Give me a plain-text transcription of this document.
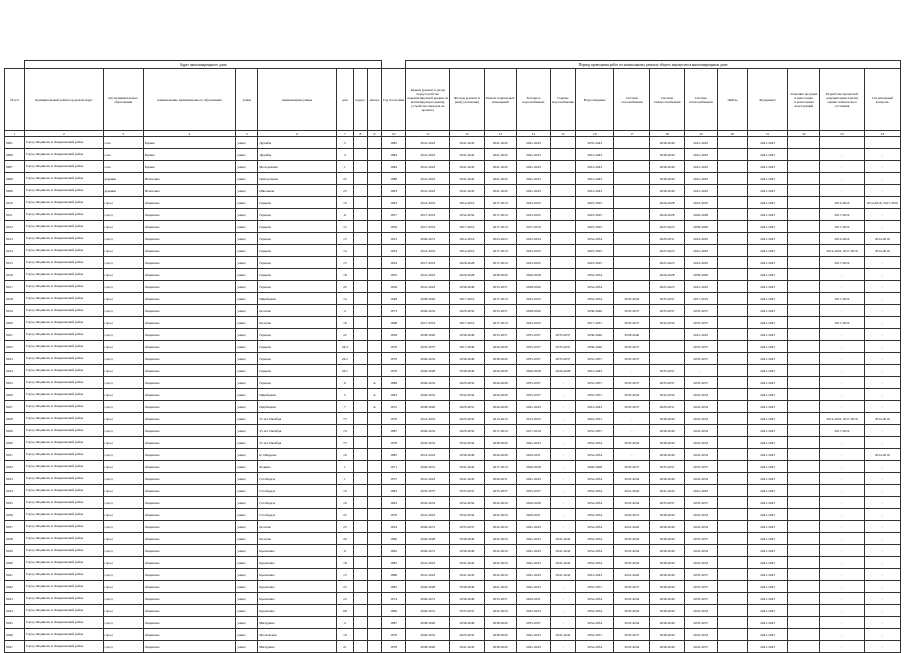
	Адрес многоквартирного дома									Период проведения работ по капитальному ремонту общего имущества в многоквартирном доме													
№ п/п	муниципальный район/городской округ	тип муниципального образования	наименование муниципального образования	улица	наименование улицы	дом	корпус	литера	Год постройки	Крыша (ремонт и (или) переустройство невентилируемой крыши на вентилируемую крышу, устройство выходов на кровлю)	Фасады (ремонт и (или) утепление)	Ремонт подвальных помещений	Холодное водоснабжение	Горячее водоснабжение	Водоотведение	Система газоснабжения	Система электроснабжения	Система теплоснабжения	Лифты	Фундамент	Усиление несущих и ненесущих строительных конструкций	Разработка проектной документации и (или) оценка технического состояния	Строительный контроль
1	2	3	4	5	6	7	8	9	10	11	12	13	14	15	16	17	18	19	20	21	22	23	24
0001	Город Людиново и Людиновский район	село	Букань	улица	Дружбы	5			1982	2041-2043	2041-2043	2041-2043	2041-2043		2035-2043		2038-2040	2041-2043		2041-2043			
0006	Город Людиново и Людиновский район	село	Букань	улица	Дружбы	4			1984	2041-2043	2041-2043	2041-2043	2041-2043		2041-2043		2038-2040	2041-2043		2041-2043		-	-
0007	Город Людиново и Людиновский район	село	Букань	улица	Молодежная	1			1984	2041-2043	2041-2043	2041-2043	2041-2043		2041-2043		2038-2040	2041-2043		2041-2043		-	-
0008	Город Людиново и Людиновский район	деревня	Игнатовка	улица	Центральная	22			1988	2041-2043	2041-2043	2041-2043	2041-2043		2041-2043		2038-2040	2041-2043		2041-2043		-	-
0009	Город Людиново и Людиновский район	деревня	Игнатовка	улица	Школьная	23			1993	2041-2043	2041-2043	2041-2043	2041-2043		2041-2043		2038-2040	2041-2043		2041-2043		-	-
0010	Город Людиново и Людиновский район	город	Людиново	улица	Герцена	10			1963	2014-2016	2014-2016	2017-2019	2023-2025		2023-2025		2026-2028	2023-2025		2041-2043		2014-2016	2014-2016, 2017-2019
0011	Город Людиново и Людиновский район	город	Людиново	улица	Герцена	11			1957	2017-2019	2032-2034	2017-2019	2023-2025		2023-2025		2026-2028	2026-2028		2041-2043		2017-2019	-
0012	Город Людиново и Людиновский район	город	Людиново	улица	Герцена	12			1959	2017-2019	2017-2019	2017-2019	2017-2019		2023-2025		2023-2025	2038-2040		2041-2043		2017-2019	-
0013	Город Людиново и Людиновский район	город	Людиново	улица	Герцена	13			1953	2029-2031	2014-2016	2023-2025	2032-2034		2032-2034		2029-2031	2023-2025		2041-2043		2014-2016	2014-2016
0014	Город Людиново и Людиновский район	город	Людиново	улица	Герцена	14			1954	2014-2016	2014-2016	2017-2019	2023-2025		2023-2025		2023-2025	2041-2043		2041-2043		2014-2016, 2017-2019	2014-2016
0015	Город Людиново и Людиновский район	город	Людиново	улица	Герцена	15			1954	2017-2019	2026-2028	2017-2019	2023-2025		2023-2025		2023-2025	2023-2025		2041-2043		2017-2019	-
0016	Город Людиново и Людиновский район	город	Людиново	улица	Герцена	18			1955	2041-2043	2026-2028	2038-2040	2026-2028		2032-2034		2026-2028	2038-2040		2041-2043		-	-
0017	Город Людиново и Людиновский район	город	Людиново	улица	Герцена	20			1956	2041-2043	2038-2040	2035-2037	2038-2040		2032-2034		2023-2025	2041-2043		2041-2043		-	-
0018	Город Людиново и Людиновский район	город	Людиново	улица	Щербецкая	14			1948	2038-2040	2017-2019	2017-2019	2023-2025		2032-2034	2032-2034	2035-2037	2017-2019		2041-2043		2017-2019	-
0019	Город Людиново и Людиновский район	город	Людиново	улица	Козлова	4			1973	2029-2032	2029-2032	2035-2037	2038-2040		2038-2040	2035-2037	2035-2037	2035-2037		2041-2043		-	-
0020	Город Людиново и Людиновский район	город	Людиново	улица	Козлова	16			1968	2017-2019	2017-2019	2017-2019	2023-2025		2017-2037	2035-2037	2032-2034	2035-2037		2041-2043		2017-2019	-
0021	Город Людиново и Людиновский район	город	Людиново	улица	Герцена	22			1958	2038-2040	2038-2040	2035-2037	2035-2037	2035-2037	2038-2040	2038-2040		2041-2043		2041-2043		-	-
0022	Город Людиново и Людиновский район	город	Людиново	улица	Герцена	24/3			1979	2035-2037	2017-2040	2026-2028	2035-2037	2035-2037	2038-2040	2035-2037		2035-2037		2041-2043		-	-
0023	Город Людиново и Людиновский район	город	Людиново	улица	Герцена	24/2			1979	2029-2032	2038-2040	2038-2040	2035-2037	2035-2037	2035-2037	2035-2037		2035-2037		2041-2043		-	-
0024	Город Людиново и Людиновский район	город	Людиново	улица	Герцена	24/1			1979	2026-2028	2038-2040	2026-2028	2026-2028	2026-2028	2041-2043	-	2035-2037	-		2041-2043		-	-
0025	Город Людиново и Людиновский район	город	Людиново	улица	Герцена	6		А	1989	2026-2032	2020-2032	2026-2028	2035-2037	-	2035-2037	2035-2037	2035-2037	2035-2037		2041-2043		-	-
0026	Город Людиново и Людиновский район	город	Людиново	улица	Щербецкая	5		А	1963	2026-2032	2032-2034	2026-2028	2035-2037	-	2035-2037	2032-2034	2032-2034	2032-2034		2041-2043		-	-
0027	Город Людиново и Людиновский район	город	Людиново	улица	Щербецкая	7		А	1972	2038-2040	2029-2031	2026-2028	2041-2043	-	2041-2043	2035-2037	2029-2031	2032-2034		2041-2043		-	-
0028	Город Людиново и Людиновский район	город	Людиново	улица	25 лет Октября	73			1979	2014-2016	2020-2032	2014-2016	2013-2025	-	2024-2031	-	2038-2040	2032-2034		2041-2043		2014-2016, 2017-2019	2014-2016
0029	Город Людиново и Людиновский район	город	Людиново	улица	25 лет Октября	74			1987	2029-2032	2029-2032	2017-2019	2017-2019	-	2035-2037	-	2038-2040	2032-2034		2041-2043		2017-2019	-
0030	Город Людиново и Людиновский район	город	Людиново	улица	25 лет Октября	75			1978	2032-2034	2032-2034	2038-2040	2041-2043	-	2032-2034	2032-2034	2038-2040	2032-2034		2041-2043		-	-
0031	Город Людиново и Людиновский район	город	Людиново	улица	К. Шедрова	16			1985	2014-2016	2038-2040	2026-2028	2029-2031	-	2032-2034	-	2038-2040	2032-2034		2041-2043		-	2014-2016
0032	Город Людиново и Людиновский район	город	Людиново	улица	Фокина	1			1971	2029-2031	2041-2043	2017-2019	2026-2028	-	2026-2028	2035-2037	2035-2037	2035-2037		2041-2043		-	-
0033	Город Людиново и Людиновский район	город	Людиново	улица	Гогобердзе	1			1975	2041-2043	2041-2043	2029-2031	2041-2043	-	2032-2034	2032-2034	2038-2040	2032-2034		2041-2043		-	-
0034	Город Людиново и Людиновский район	город	Людиново	улица	Гогобердзе	10			1983	2035-2037	2035-2037	2035-2037	2035-2037	-	2032-2034	2041-2043	2041-2043	2041-2043		2041-2043		-	-
0035	Город Людиново и Людиновский район	город	Людиново	улица	Гогобердзе	16			1963	2032-2034	2032-2034	2032-2034	2026-2028	-	2032-2034	2032-2034	2035-2037	2035-2037		2041-2043		-	-
0036	Город Людиново и Людиновский район	город	Людиново	улица	Гогобердзе	22			1976	2041-2043	2032-2034	2032-2034	2029-2031	-	2032-2034	2029-2031	2038-2040	2032-2034		2041-2043		-	-
0037	Город Людиново и Людиновский район	город	Людиново	улица	Козлова	23			1954	2029-2031	2035-2037	2032-2034	2041-2043	-	2032-2034	2041-2043	2038-2040	2032-2034		2041-2043		-	-
0038	Город Людиново и Людиновский район	город	Людиново	улица	Козлова	29			1990	2026-2028	2038-2040	2032-2034	2041-2043	2041-2043	2032-2034	2032-2034	2038-2040	2035-2037		2041-2043		-	-
0039	Город Людиново и Людиновский район	город	Людиново	улица	Крентенко	9			1992	2029-2031	2038-2040	2032-2034	2041-2043	2041-2043	2032-2034	2032-2034	2038-2040	2032-2034		2041-2043		-	-
0040	Город Людиново и Людиновский район	город	Людиново	улица	Крентенко	18			1982	2041-2043	2041-2043	2032-2034	2041-2043	2041-2043	2032-2034	2032-2034	2038-2040	2032-2034		2041-2043		-	-
0041	Город Людиново и Людиновский район	город	Людиново	улица	Крентенко	13			1980	2041-2043	2041-2043	2032-2034	2041-2043	2041-2043	2041-2043	2041-2043	2038-2040	2035-2037		2041-2043		-	-
0042	Город Людиново и Людиновский район	город	Людиново	улица	Крентенко	23			1982	2026-2028	2038-2040	2041-2043	2041-2043	-	2035-2037	2035-2037	2038-2040	2035-2037		2041-2043		-	-
0043	Город Людиново и Людиновский район	город	Людиново	улица	Крентенко	24			1974	2029-2031	2038-2040	2035-2037	2029-2031	-	2032-2034	2032-2034	2038-2040	2035-2037		2041-2043		-	-
0044	Город Людиново и Людиновский район	город	Людиново	улица	Крентенко	68			1969	2029-2031	2035-2037	2032-2034	2032-2034	-	2032-2034	2032-2034	2038-2040	2032-2034		2041-2043		-	-
0045	Город Людиново и Людиновский район	город	Людиново	улица	Мичурина	4			1987	2038-2040	2038-2040	2038-2040	2035-2037	-	2032-2034	2032-2034	2038-2040	2035-2037		2041-2043		-	-
0046	Город Людиново и Людиновский район	город	Людиново	улица	Московская	19			1976	2029-2032	2029-2032	2038-2040	2041-2043	2041-2043	2032-2037	2035-2037	2038-2040	2032-2034		2041-2043		-	-
0047	Город Людиново и Людиновский район	город	Людиново	улица	Мичурина	21			1978	2038-2040	2041-2043	2038-2040	2041-2043	-	2032-2034	2032-2034	2038-2040	2032-2037		2041-2043		-	-
